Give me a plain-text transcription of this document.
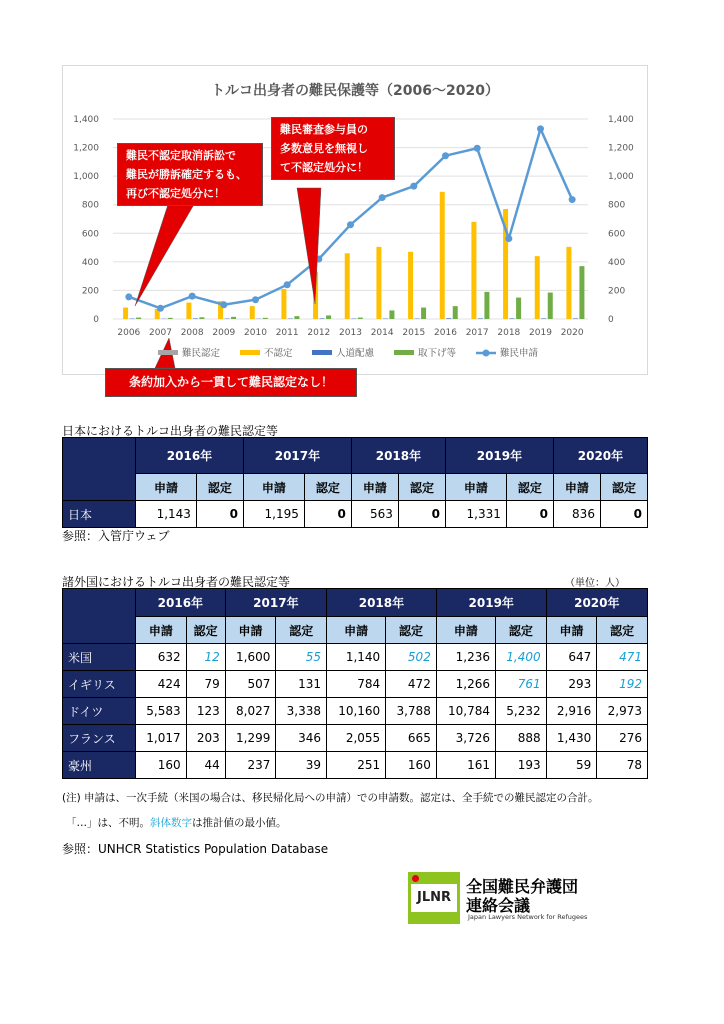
トルコ出身者の難民保護等（2006〜2020）
0	0
200	200
400	400
600	600
800	800
1,000	1,000
1,200	1,200
1,400	1,400
2006 2007 2008 2009 2010 2011 2012 2013 2014 2015 2016 2017 2018 2019 2020
難民認定	不認定	人道配慮	取下げ等	難民申請
難民不認定取消訴訟で
難民が勝訴確定するも、
再び不認定処分に！
難民審査参与員の
多数意見を無視し
て不認定処分に！
条約加入から一貫して難民認定なし！
日本におけるトルコ出身者の難民認定等
	2016年		2017年		2018年		2019年		2020年	
	申請	認定	申請	認定	申請	認定	申請	認定	申請	認定
日本	1,143	0	1,195	0	563	0	1,331	0	836	0
参照：入管庁ウェブ
諸外国におけるトルコ出身者の難民認定等	（単位：人）
	2016年		2017年		2018年		2019年		2020年	
	申請	認定	申請	認定	申請	認定	申請	認定	申請	認定
米国	632	12	1,600	55	1,140	502	1,236	1,400	647	471
イギリス	424	79	507	131	784	472	1,266	761	293	192
ドイツ	5,583	123	8,027	3,338	10,160	3,788	10,784	5,232	2,916	2,973
フランス	1,017	203	1,299	346	2,055	665	3,726	888	1,430	276
豪州	160	44	237	39	251	160	161	193	59	78
(注) 申請は、一次手続（米国の場合は、移民帰化局への申請）での申請数。認定は、全手続での難民認定の合計。
「…」は、不明。斜体数字は推計値の最小値。
参照：UNHCR Statistics Population Database
JLNR
全国難民弁護団
連絡会議
Japan Lawyers Network for Refugees
